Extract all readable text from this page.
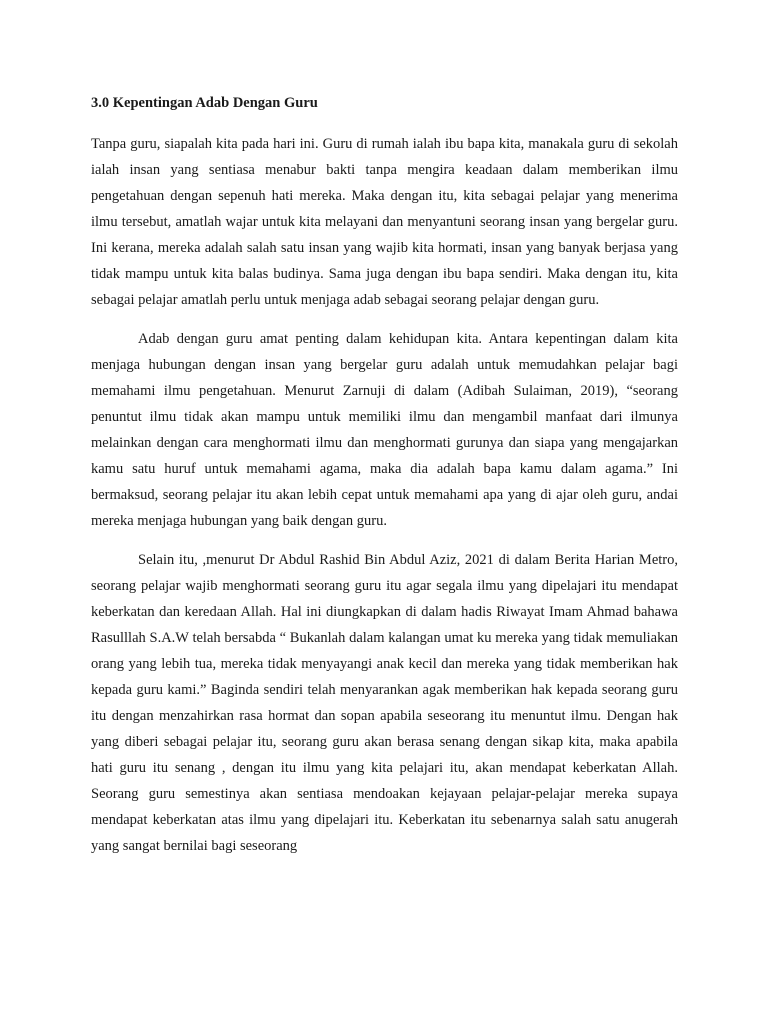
3.0 Kepentingan Adab Dengan Guru

Tanpa guru, siapalah kita pada hari ini. Guru di rumah ialah ibu bapa kita, manakala guru di sekolah ialah insan yang sentiasa menabur bakti tanpa mengira keadaan dalam memberikan ilmu pengetahuan dengan sepenuh hati mereka. Maka dengan itu, kita sebagai pelajar yang menerima ilmu tersebut, amatlah wajar untuk kita melayani dan menyantuni seorang insan yang bergelar guru. Ini kerana, mereka adalah salah satu insan yang wajib kita hormati, insan yang banyak berjasa yang tidak mampu untuk kita balas budinya. Sama juga dengan ibu bapa sendiri. Maka dengan itu, kita sebagai pelajar amatlah perlu untuk menjaga adab sebagai seorang pelajar dengan guru.

Adab dengan guru amat penting dalam kehidupan kita. Antara kepentingan dalam kita menjaga hubungan dengan insan yang bergelar guru adalah untuk memudahkan pelajar bagi memahami ilmu pengetahuan. Menurut Zarnuji di dalam (Adibah Sulaiman, 2019), “seorang penuntut ilmu tidak akan mampu untuk memiliki ilmu dan mengambil manfaat dari ilmunya melainkan dengan cara menghormati ilmu dan menghormati gurunya dan siapa yang mengajarkan kamu satu huruf untuk memahami agama, maka dia adalah bapa kamu dalam agama.” Ini bermaksud, seorang pelajar itu akan lebih cepat untuk memahami apa yang di ajar oleh guru, andai mereka menjaga hubungan yang baik dengan guru.

Selain itu, ,menurut Dr Abdul Rashid Bin Abdul Aziz, 2021 di dalam Berita Harian Metro, seorang pelajar wajib menghormati seorang guru itu agar segala ilmu yang dipelajari itu mendapat keberkatan dan keredaan Allah. Hal ini diungkapkan di dalam hadis Riwayat Imam Ahmad bahawa Rasulllah S.A.W telah bersabda “ Bukanlah dalam kalangan umat ku mereka yang tidak memuliakan orang yang lebih tua, mereka tidak menyayangi anak kecil dan mereka yang tidak memberikan hak kepada guru kami.” Baginda sendiri telah menyarankan agak memberikan hak kepada seorang guru itu dengan menzahirkan rasa hormat dan sopan apabila seseorang itu menuntut ilmu. Dengan hak yang diberi sebagai pelajar itu, seorang guru akan berasa senang dengan sikap kita, maka apabila hati guru itu senang , dengan itu ilmu yang kita pelajari itu, akan mendapat keberkatan Allah. Seorang guru semestinya akan sentiasa mendoakan kejayaan pelajar-pelajar mereka supaya mendapat keberkatan atas ilmu yang dipelajari itu. Keberkatan itu sebenarnya salah satu anugerah yang sangat bernilai bagi seseorang
